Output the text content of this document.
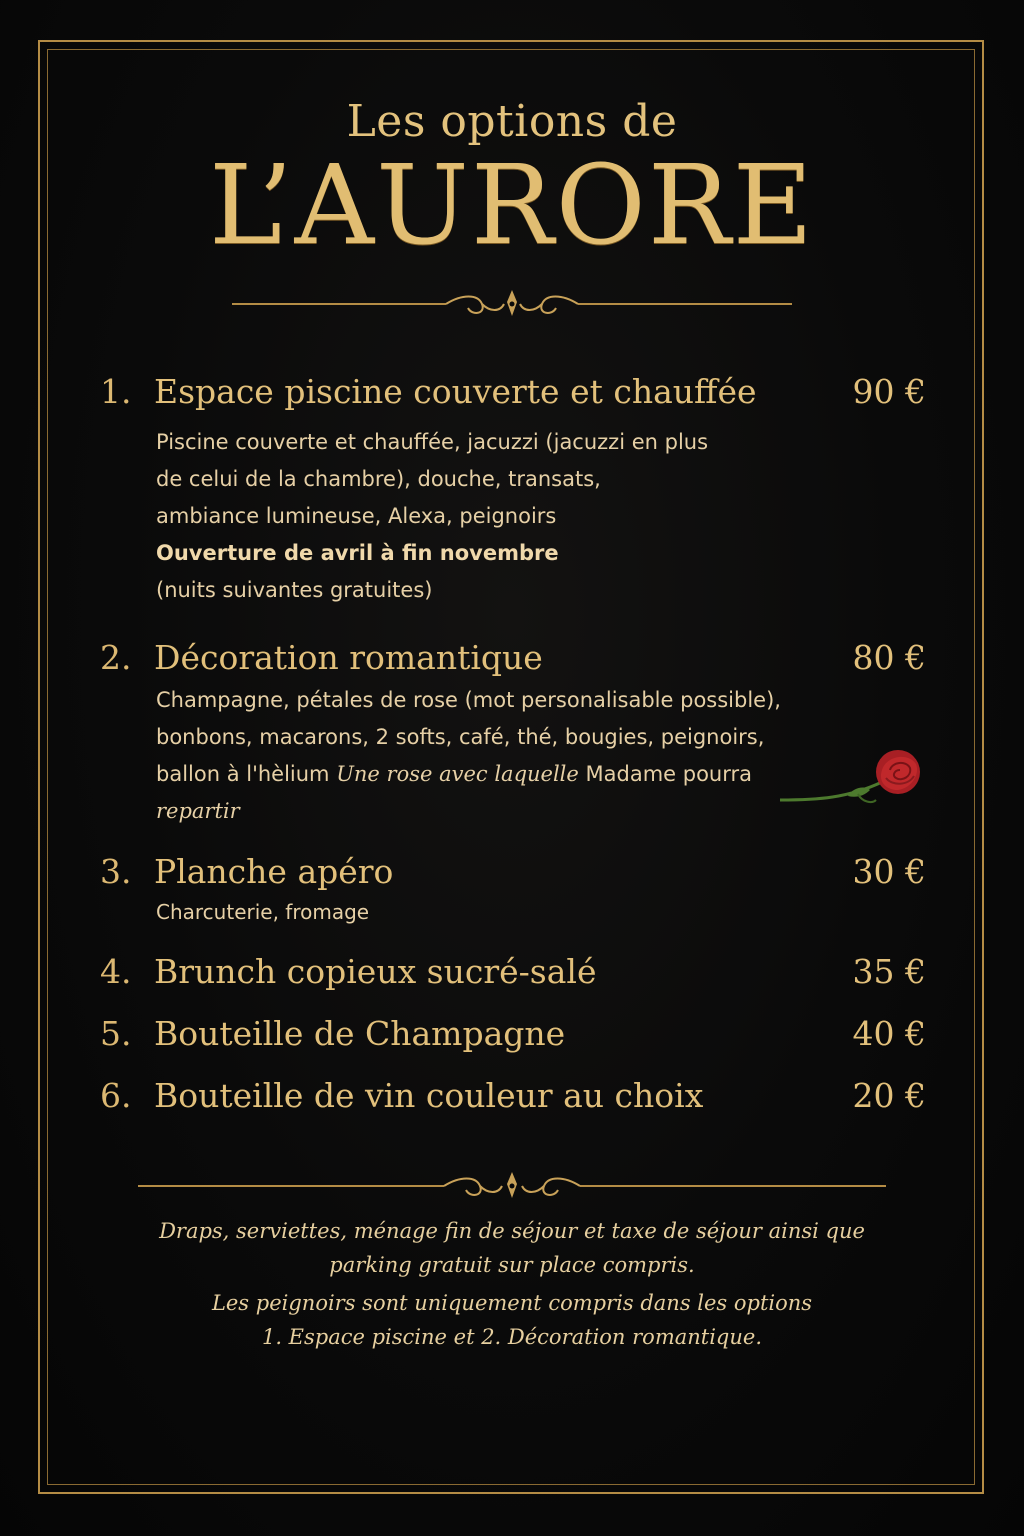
Les options de
L’AURORE
1. Espace piscine couverte et chauffée	90 €
Piscine couverte et chauffée, jacuzzi (jacuzzi en plus
de celui de la chambre), douche, transats,
ambiance lumineuse, Alexa, peignoirs
Ouverture de avril à fin novembre
(nuits suivantes gratuites)
2. Décoration romantique	80 €
Champagne, pétales de rose (mot personalisable possible),
bonbons, macarons, 2 softs, café, thé, bougies, peignoirs,
ballon à l'hèlium Une rose avec laquelle Madame pourra
repartir
3. Planche apéro	30 €
Charcuterie, fromage
4. Brunch copieux sucré-salé	35 €
5. Bouteille de Champagne	40 €
6. Bouteille de vin couleur au choix	20 €
Draps, serviettes, ménage fin de séjour et taxe de séjour ainsi que
parking gratuit sur place compris.
Les peignoirs sont uniquement compris dans les options
1. Espace piscine et 2. Décoration romantique.
